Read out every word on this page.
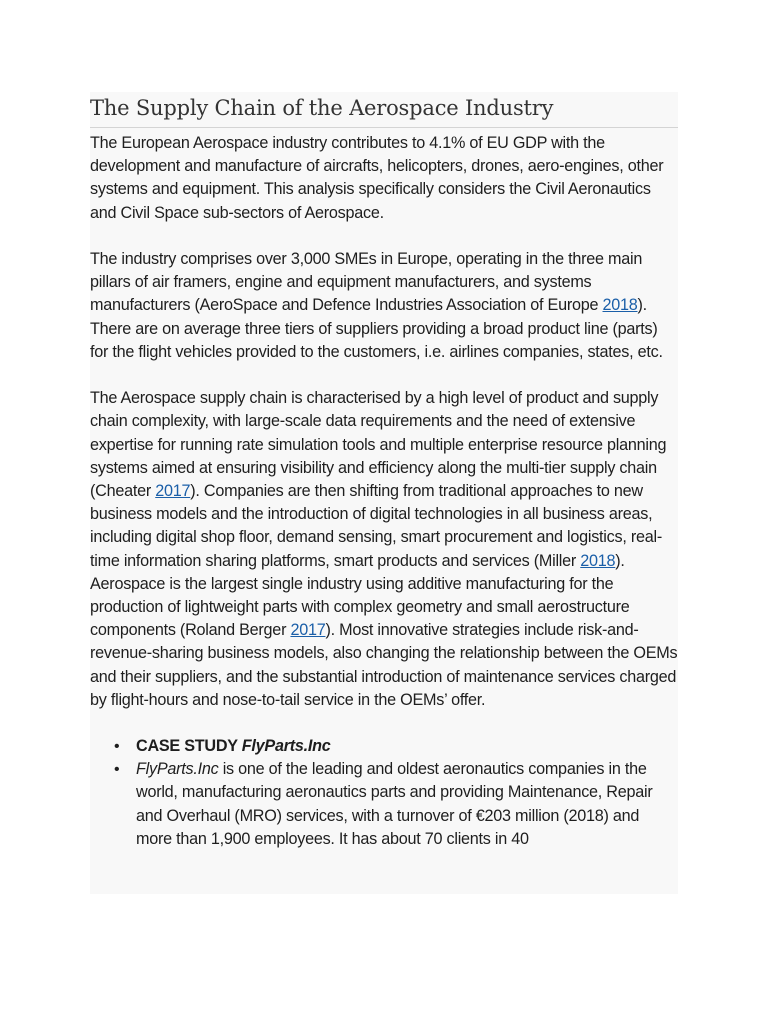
The Supply Chain of the Aerospace Industry

The European Aerospace industry contributes to 4.1% of EU GDP with the development and manufacture of aircrafts, helicopters, drones, aero-engines, other systems and equipment. This analysis specifically considers the Civil Aeronautics and Civil Space sub-sectors of Aerospace.

The industry comprises over 3,000 SMEs in Europe, operating in the three main pillars of air framers, engine and equipment manufacturers, and systems manufacturers (AeroSpace and Defence Industries Association of Europe 2018). There are on average three tiers of suppliers providing a broad product line (parts) for the flight vehicles provided to the customers, i.e. airlines companies, states, etc.

The Aerospace supply chain is characterised by a high level of product and supply chain complexity, with large-scale data requirements and the need of extensive expertise for running rate simulation tools and multiple enterprise resource planning systems aimed at ensuring visibility and efficiency along the multi-tier supply chain (Cheater 2017). Companies are then shifting from traditional approaches to new business models and the introduction of digital technologies in all business areas, including digital shop floor, demand sensing, smart procurement and logistics, real-time information sharing platforms, smart products and services (Miller 2018). Aerospace is the largest single industry using additive manufacturing for the production of lightweight parts with complex geometry and small aerostructure components (Roland Berger 2017). Most innovative strategies include risk-and-revenue-sharing business models, also changing the relationship between the OEMs and their suppliers, and the substantial introduction of maintenance services charged by flight-hours and nose-to-tail service in the OEMs’ offer.

• CASE STUDY FlyParts.Inc
• FlyParts.Inc is one of the leading and oldest aeronautics companies in the world, manufacturing aeronautics parts and providing Maintenance, Repair and Overhaul (MRO) services, with a turnover of €203 million (2018) and more than 1,900 employees. It has about 70 clients in 40
